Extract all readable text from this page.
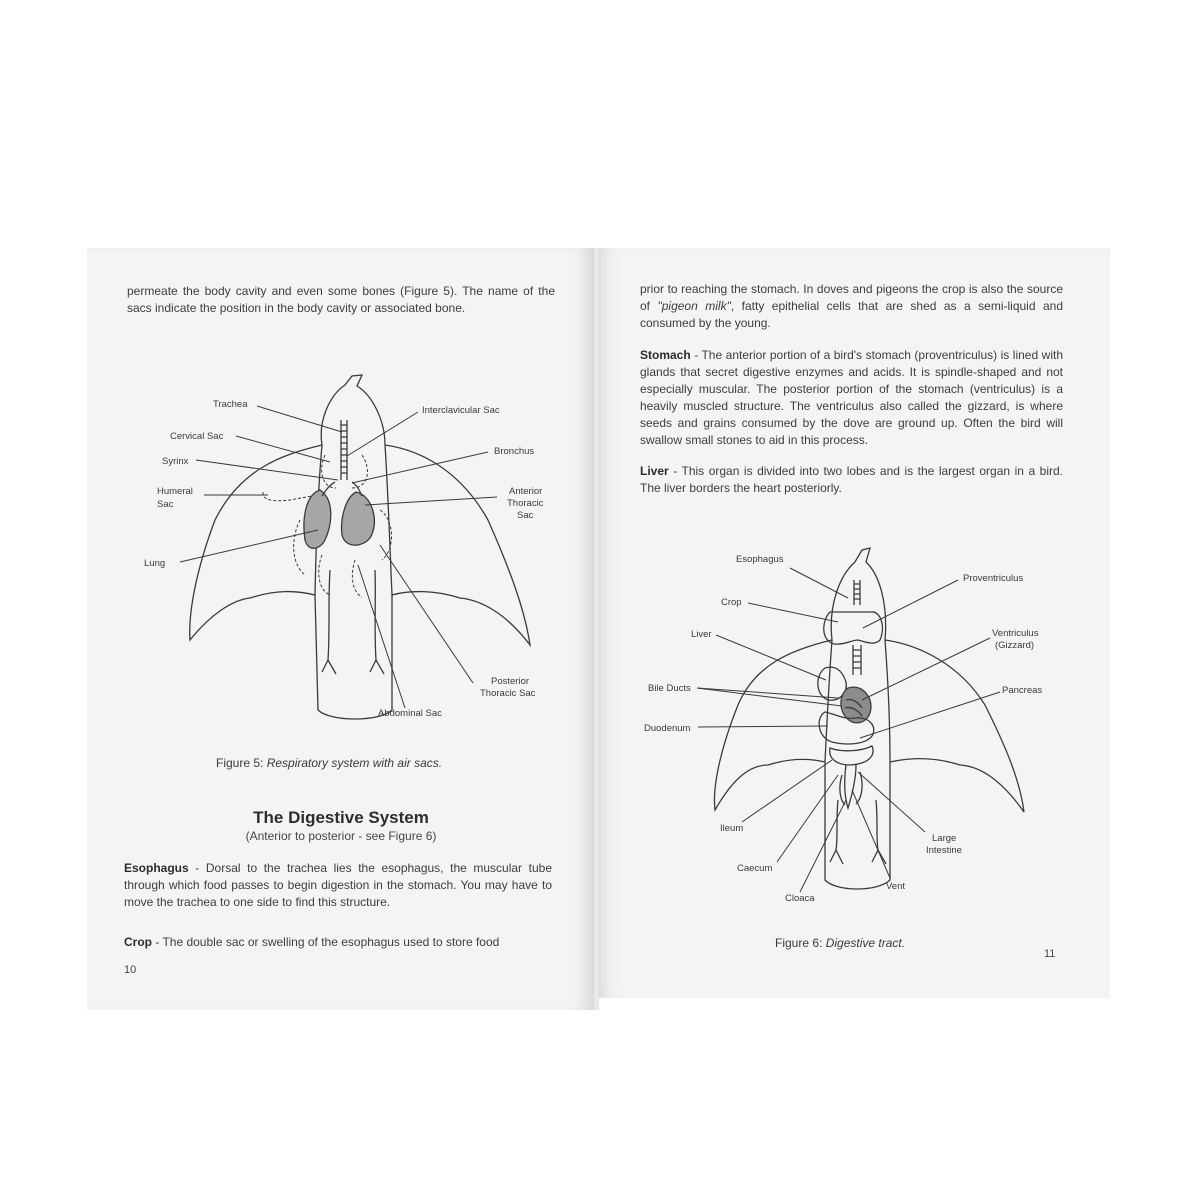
permeate the body cavity and even some bones (Figure 5). The name of the sacs indicate the position in the body cavity or associated bone.
Trachea
Interclavicular Sac
Cervical Sac
Bronchus
Syrinx
Humeral
Sac
Anterior
Thoracic
Sac
Lung
Posterior
Thoracic Sac
Abdominal Sac
Figure 5: Respiratory system with air sacs.
The Digestive System
(Anterior to posterior - see Figure 6)
Esophagus - Dorsal to the trachea lies the esophagus, the muscular tube through which food passes to begin digestion in the stomach. You may have to move the trachea to one side to find this structure.
Crop - The double sac or swelling of the esophagus used to store food
10
prior to reaching the stomach. In doves and pigeons the crop is also the source of "pigeon milk", fatty epithelial cells that are shed as a semi-liquid and consumed by the young.
Stomach - The anterior portion of a bird's stomach (proventriculus) is lined with glands that secret digestive enzymes and acids. It is spindle-shaped and not especially muscular. The posterior portion of the stomach (ventriculus) is a heavily muscled structure. The ventriculus also called the gizzard, is where seeds and grains consumed by the dove are ground up. Often the bird will swallow small stones to aid in this process.
Liver - This organ is divided into two lobes and is the largest organ in a bird. The liver borders the heart posteriorly.
Esophagus
Proventriculus
Crop
Liver	Ventriculus
(Gizzard)
Bile Ducts	Pancreas
Duodenum
Ileum
Large
Intestine
Caecum
Vent
Cloaca
Figure 6: Digestive tract.
11
